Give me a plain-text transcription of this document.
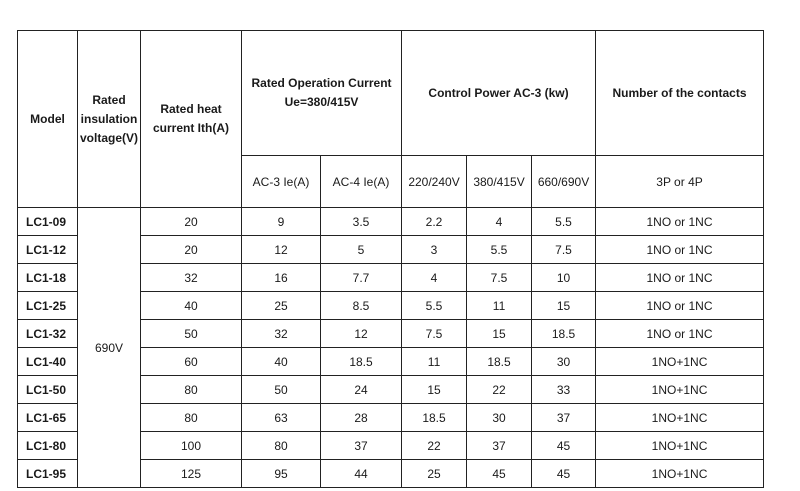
Model	Rated insulation voltage(V)	Rated heat current Ith(A)	Rated Operation Current Ue=380/415V		Control Power AC-3 (kw)			Number of the contacts
			AC-3 Ie(A)	AC-4 Ie(A)	220/240V	380/415V	660/690V	3P or 4P
LC1-09	690V	20	9	3.5	2.2	4	5.5	1NO or 1NC
LC1-12		20	12	5	3	5.5	7.5	1NO or 1NC
LC1-18		32	16	7.7	4	7.5	10	1NO or 1NC
LC1-25		40	25	8.5	5.5	11	15	1NO or 1NC
LC1-32		50	32	12	7.5	15	18.5	1NO or 1NC
LC1-40		60	40	18.5	11	18.5	30	1NO+1NC
LC1-50		80	50	24	15	22	33	1NO+1NC
LC1-65		80	63	28	18.5	30	37	1NO+1NC
LC1-80		100	80	37	22	37	45	1NO+1NC
LC1-95		125	95	44	25	45	45	1NO+1NC
